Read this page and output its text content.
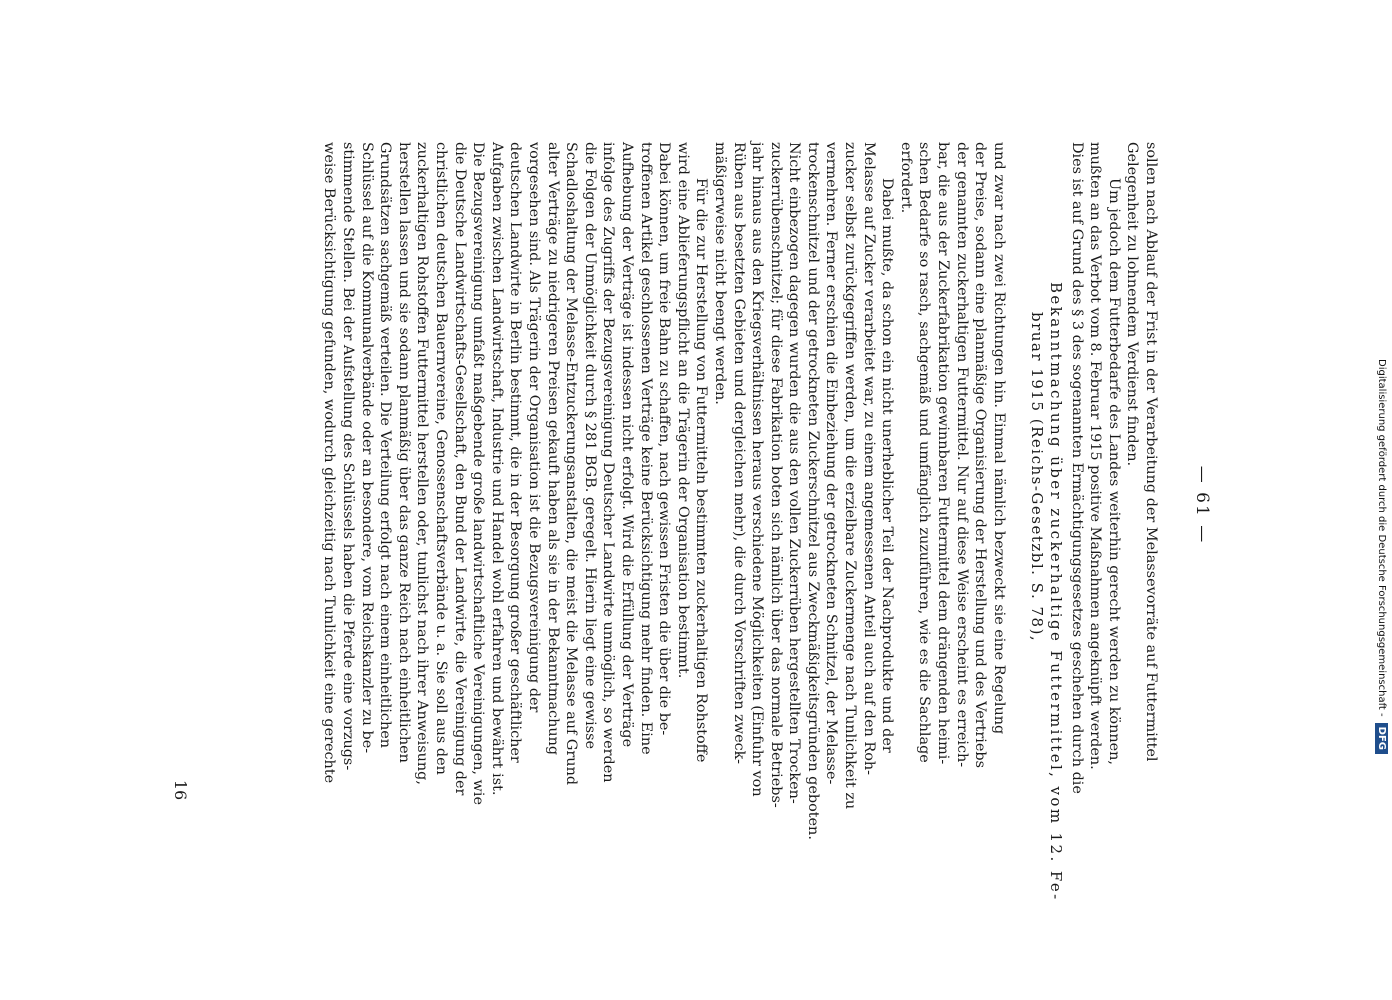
— 61 —
sollen nach Ablauf der Frist in der Verarbeitung der Melassevorräte auf Futtermittel
Gelegenheit zu lohnendem Verdienst finden.
Um jedoch dem Futterbedarfe des Landes weiterhin gerecht werden zu können,
mußten an das Verbot vom 8. Februar 1915 positive Maßnahmen angeknüpft werden.
Dies ist auf Grund des § 3 des sogenannten Ermächtigungsgesetzes geschehen durch die
Bekanntmachung über zuckerhaltige Futtermittel, vom 12. Fe-
bruar 1915 (Reichs-Gesetzbl. S. 78),
und zwar nach zwei Richtungen hin. Einmal nämlich bezweckt sie eine Regelung
der Preise, sodann eine planmäßige Organisierung der Herstellung und des Vertriebs
der genannten zuckerhaltigen Futtermittel. Nur auf diese Weise erscheint es erreich-
bar, die aus der Zuckerfabrikation gewinnbaren Futtermittel dem drängenden heimi-
schen Bedarfe so rasch, sachgemäß und umfänglich zuzuführen, wie es die Sachlage
erfordert.
Dabei mußte, da schon ein nicht unerheblicher Teil der Nachprodukte und der
Melasse auf Zucker verarbeitet war, zu einem angemessenen Anteil auch auf den Roh-
zucker selbst zurückgegriffen werden, um die erzielbare Zuckermenge nach Tunlichkeit zu
vermehren. Ferner erschien die Einbeziehung der getrockneten Schnitzel, der Melasse-
trockenschnitzel und der getrockneten Zuckerschnitzel aus Zweckmäßigkeitsgründen geboten.
Nicht einbezogen dagegen wurden die aus den vollen Zuckerrüben hergestellten Trocken-
zuckerrübenschnitzel; für diese Fabrikation boten sich nämlich über das normale Betriebs-
jahr hinaus aus den Kriegsverhältnissen heraus verschiedene Möglichkeiten (Einfuhr von
Rüben aus besetzten Gebieten und dergleichen mehr), die durch Vorschriften zweck-
mäßigerweise nicht beengt werden.
Für die zur Herstellung von Futtermitteln bestimmten zuckerhaltigen Rohstoffe
wird eine Ablieferungspflicht an die Trägerin der Organisation bestimmt.
Dabei können, um freie Bahn zu schaffen, nach gewissen Fristen die über die be-
troffenen Artikel geschlossenen Verträge keine Berücksichtigung mehr finden. Eine
Aufhebung der Verträge ist indessen nicht erfolgt. Wird die Erfüllung der Verträge
infolge des Zugriffs der Bezugsvereinigung Deutscher Landwirte unmöglich, so werden
die Folgen der Unmöglichkeit durch § 281 BGB. geregelt. Hierin liegt eine gewisse
Schadloshaltung der Melasse-Entzuckerungsanstalten, die meist die Melasse auf Grund
alter Verträge zu niedrigeren Preisen gekauft haben als sie in der Bekanntmachung
vorgesehen sind. Als Trägerin der Organisation ist die Bezugsvereinigung der
deutschen Landwirte in Berlin bestimmt, die in der Besorgung großer geschäftlicher
Aufgaben zwischen Landwirtschaft, Industrie und Handel wohl erfahren und bewährt ist.
Die Bezugsvereinigung umfaßt maßgebende große landwirtschaftliche Vereinigungen, wie
die Deutsche Landwirtschafts-Gesellschaft, den Bund der Landwirte, die Vereinigung der
christlichen deutschen Bauernvereine, Genossenschaftsverbände u. a. Sie soll aus den
zuckerhaltigen Rohstoffen Futtermittel herstellen oder, tunlichst nach ihrer Anweisung,
herstellen lassen und sie sodann planmäßig über das ganze Reich nach einheitlichen
Grundsätzen sachgemäß verteilen. Die Verteilung erfolgt nach einem einheitlichen
Schlüssel auf die Kommunalverbände oder an besondere, vom Reichskanzler zu be-
stimmende Stellen. Bei der Aufstellung des Schlüssels haben die Pferde eine vorzugs-
weise Berücksichtigung gefunden, wodurch gleichzeitig nach Tunlichkeit eine gerechte
16
Digitalisierung gefördert durch die Deutsche Forschungsgemeinschaft -
DFG
